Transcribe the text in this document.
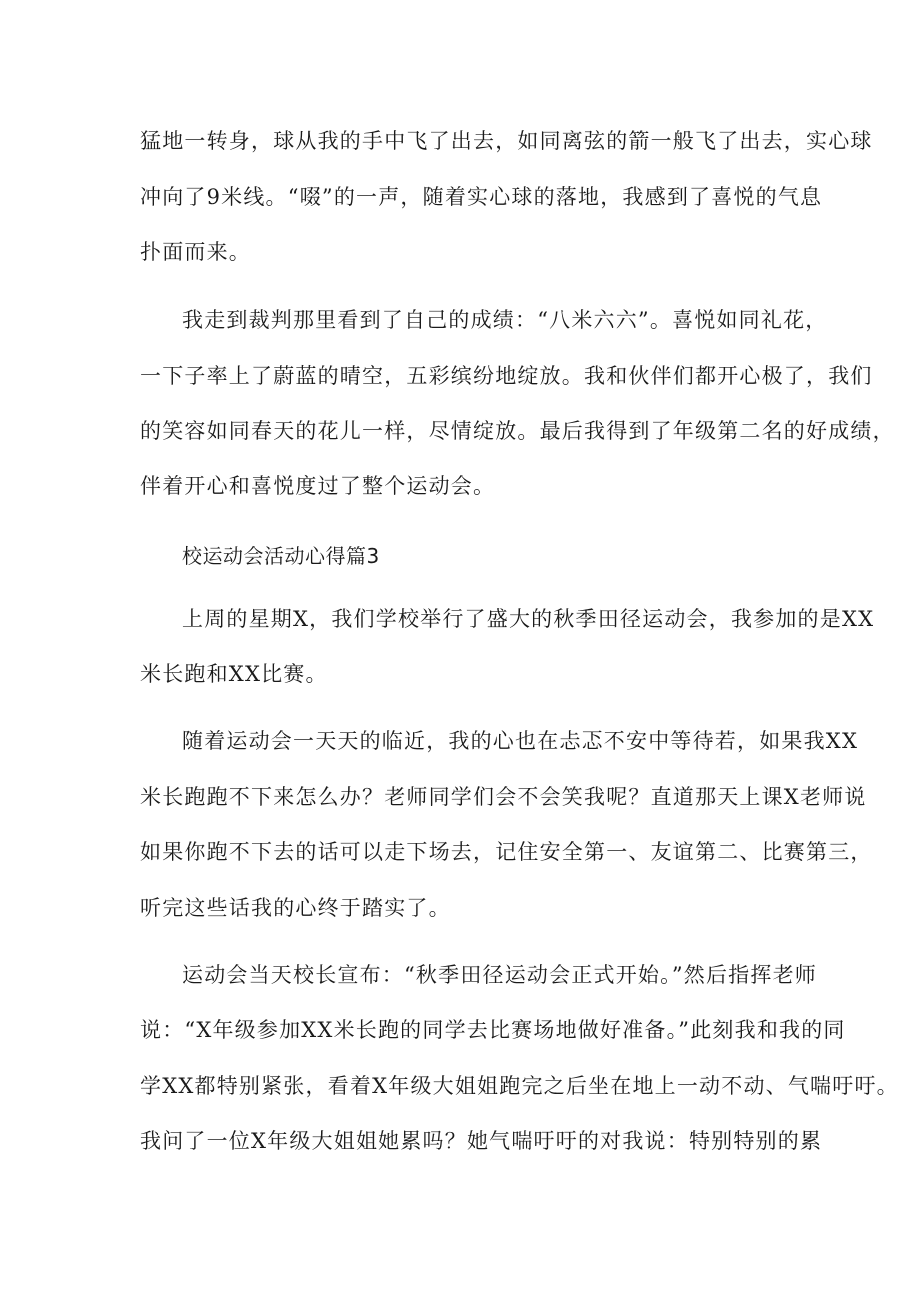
猛地一转身，球从我的手中飞了出去，如同离弦的箭一般飞了出去，实心球
冲向了9米线。“啜”的一声，随着实心球的落地，我感到了喜悦的气息
扑面而来。
我走到裁判那里看到了自己的成绩：“八米六六”。喜悦如同礼花，
一下子率上了蔚蓝的晴空，五彩缤纷地绽放。我和伙伴们都开心极了，我们
的笑容如同春天的花儿一样，尽情绽放。最后我得到了年级第二名的好成绩，
伴着开心和喜悦度过了整个运动会。
校运动会活动心得篇3
上周的星期X，我们学校举行了盛大的秋季田径运动会，我参加的是XX
米长跑和XX比赛。
随着运动会一天天的临近，我的心也在忐忑不安中等待若，如果我XX
米长跑跑不下来怎么办？老师同学们会不会笑我呢？直道那天上课X老师说
如果你跑不下去的话可以走下场去，记住安全第一、友谊第二、比赛第三，
听完这些话我的心终于踏实了。
运动会当天校长宣布：“秋季田径运动会正式开始。”然后指挥老师
说：“X年级参加XX米长跑的同学去比赛场地做好准备。”此刻我和我的同
学XX都特别紧张，看着X年级大姐姐跑完之后坐在地上一动不动、气喘吁吁。
我问了一位X年级大姐姐她累吗？她气喘吁吁的对我说：特别特别的累
